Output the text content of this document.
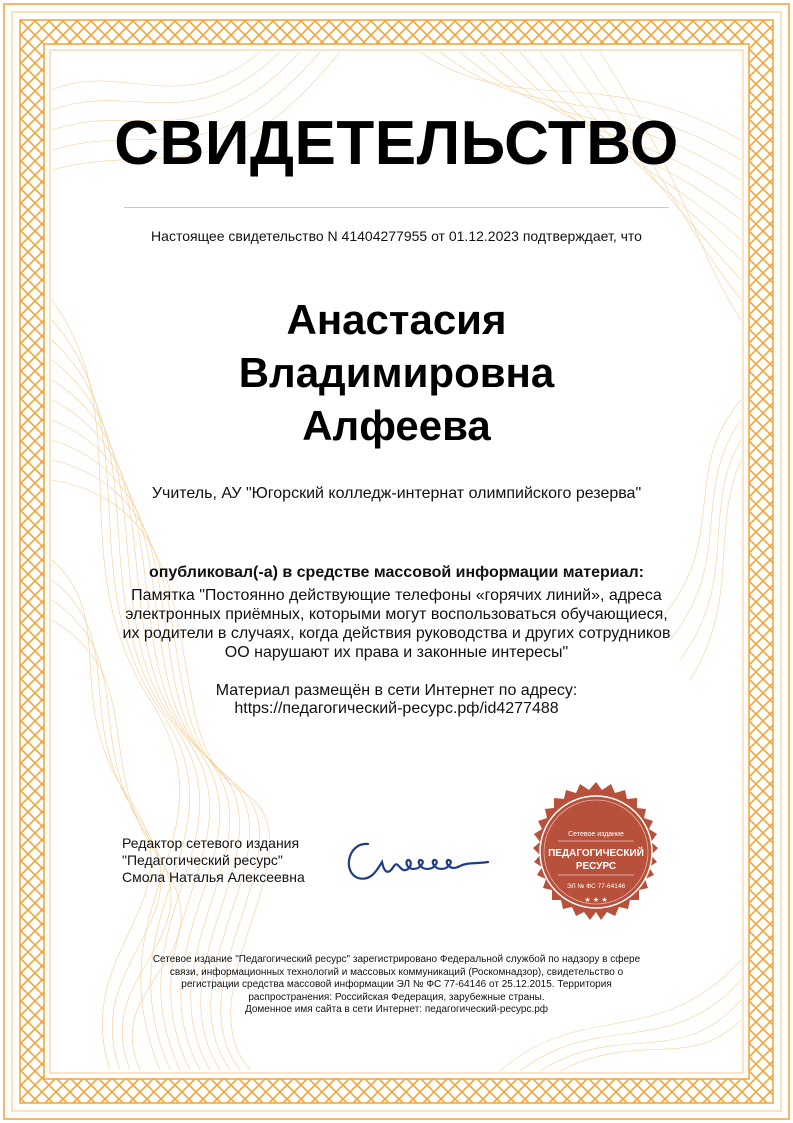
СВИДЕТЕЛЬСТВО
Настоящее свидетельство N 41404277955 от 01.12.2023 подтверждает, что
Анастасия
Владимировна
Алфеева
Учитель, АУ "Югорский колледж-интернат олимпийского резерва"
опубликовал(-а) в средстве массовой информации материал:
Памятка "Постоянно действующие телефоны «горячих линий», адреса электронных приёмных, которыми могут воспользоваться обучающиеся, их родители в случаях, когда действия руководства и других сотрудников ОО нарушают их права и законные интересы"
Материал размещён в сети Интернет по адресу:
https://педагогический-ресурс.рф/id4277488
Редактор сетевого издания
"Педагогический ресурс"
Смола Наталья Алексеевна
Сетевое издание
ПЕДАГОГИЧЕСКИЙ
РЕСУРС
ЭЛ № ФС 77-64146
★ ★ ★
Сетевое издание "Педагогический ресурс" зарегистрировано Федеральной службой по надзору в сфере
связи, информационных технологий и массовых коммуникаций (Роскомнадзор), свидетельство о
регистрации средства массовой информации ЭЛ № ФС 77-64146 от 25.12.2015. Территория
распространения: Российская Федерация, зарубежные страны.
Доменное имя сайта в сети Интернет: педагогический-ресурс.рф
